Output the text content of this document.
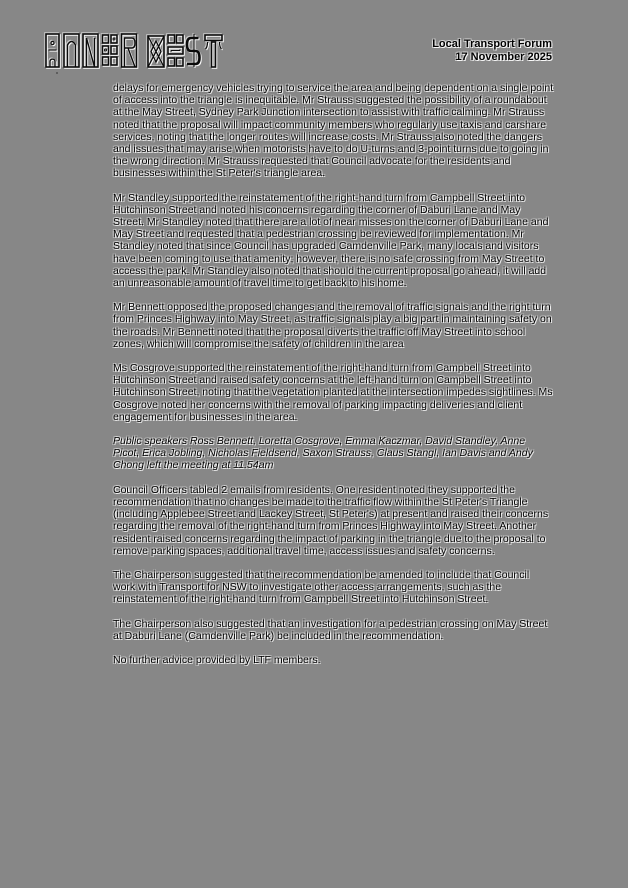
Local Transport Forum
17 November 2025

delays for emergency vehicles trying to service the area and being dependent on a single point of access into the triangle is inequitable. Mr Strauss suggested the possibility of a roundabout at the May Street, Sydney Park Junction intersection to assist with traffic calming. Mr Strauss noted that the proposal will impact community members who regularly use taxis and carshare services, noting that the longer routes will increase costs. Mr Strauss also noted the dangers and issues that may arise when motorists have to do U-turns and 3-point turns due to going in the wrong direction. Mr Strauss requested that Council advocate for the residents and businesses within the St Peter's triangle area.

Mr Standley supported the reinstatement of the right-hand turn from Campbell Street into Hutchinson Street and noted his concerns regarding the corner of Daburi Lane and May Street. Mr Standley noted that there are a lot of near misses on the corner of Daburi Lane and May Street and requested that a pedestrian crossing be reviewed for implementation. Mr Standley noted that since Council has upgraded Camdenville Park, many locals and visitors have been coming to use that amenity; however, there is no safe crossing from May Street to access the park. Mr Standley also noted that should the current proposal go ahead, it will add an unreasonable amount of travel time to get back to his home.

Mr Bennett opposed the proposed changes and the removal of traffic signals and the right turn from Princes Highway into May Street, as traffic signals play a big part in maintaining safety on the roads. Mr Bennett noted that the proposal diverts the traffic off May Street into school zones, which will compromise the safety of children in the area

Ms Cosgrove supported the reinstatement of the right-hand turn from Campbell Street into Hutchinson Street and raised safety concerns at the left-hand turn on Campbell Street into Hutchinson Street, noting that the vegetation planted at the intersection impedes sightlines. Ms Cosgrove noted her concerns with the removal of parking impacting deliveries and client engagement for businesses in the area.

Public speakers Ross Bennett, Loretta Cosgrove, Emma Kaczmar, David Standley, Anne Picot, Erica Jobling, Nicholas Fieldsend, Saxon Strauss, Claus Stangl, Ian Davis and Andy Chong left the meeting at 11.54am

Council Officers tabled 2 emails from residents. One resident noted they supported the recommendation that no changes be made to the traffic flow within the St Peter's Triangle (including Applebee Street and Lackey Street, St Peter's) at present and raised their concerns regarding the removal of the right-hand turn from Princes Highway into May Street. Another resident raised concerns regarding the impact of parking in the triangle due to the proposal to remove parking spaces, additional travel time, access issues and safety concerns.

The Chairperson suggested that the recommendation be amended to include that Council work with Transport for NSW to investigate other access arrangements, such as the reinstatement of the right-hand turn from Campbell Street into Hutchinson Street.

The Chairperson also suggested that an investigation for a pedestrian crossing on May Street at Daburi Lane (Camdenville Park) be included in the recommendation.

No further advice provided by LTF members.
